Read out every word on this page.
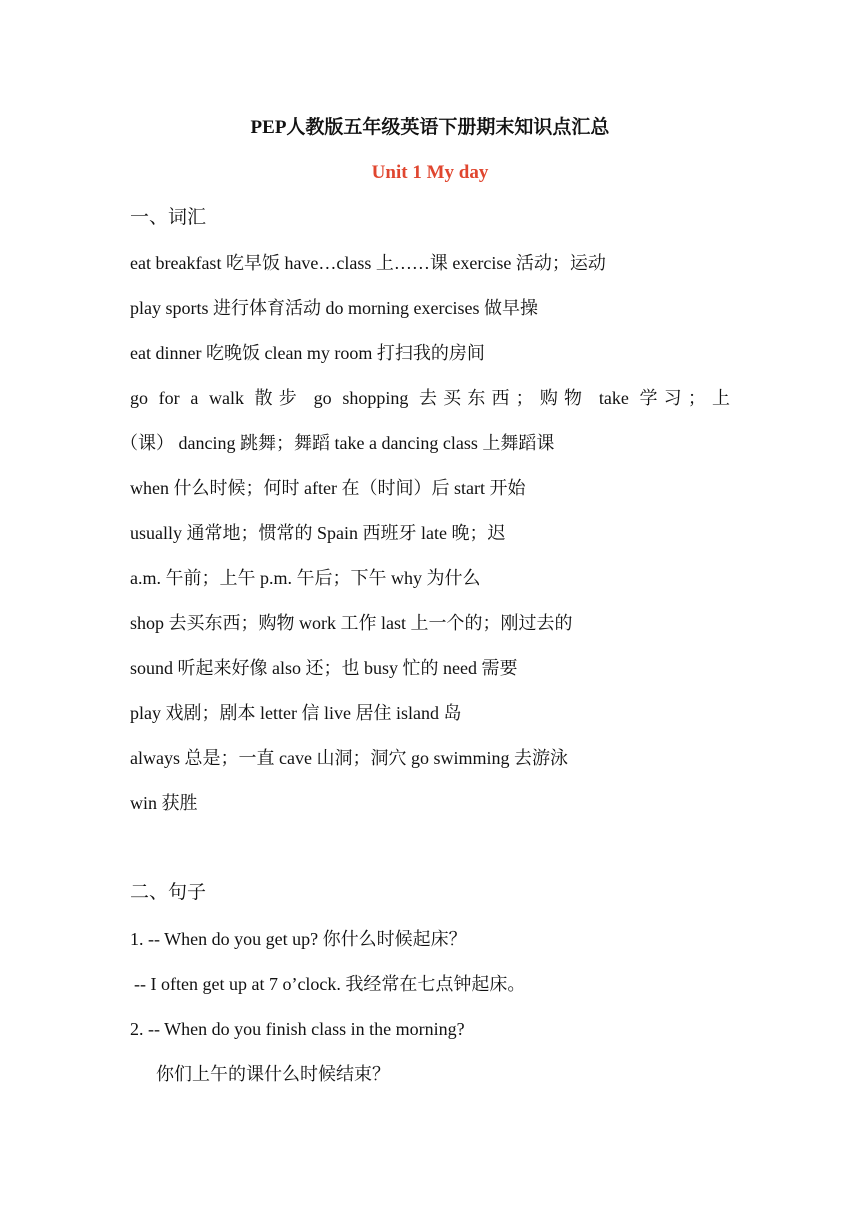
PEP人教版五年级英语下册期末知识点汇总
Unit 1 My day
一、词汇
eat breakfast 吃早饭 have…class 上……课 exercise 活动；运动
play sports 进行体育活动 do morning exercises 做早操
eat dinner 吃晚饭 clean my room 打扫我的房间
go for a walk 散步 go shopping 去买东西；购物 take 学习；上
（课） dancing 跳舞；舞蹈 take a dancing class 上舞蹈课
when 什么时候；何时 after 在（时间）后 start 开始
usually 通常地；惯常的 Spain 西班牙 late 晚；迟
a.m. 午前；上午 p.m. 午后；下午 why 为什么
shop 去买东西；购物 work 工作 last 上一个的；刚过去的
sound 听起来好像 also 还；也 busy 忙的 need 需要
play 戏剧；剧本 letter 信 live 居住 island 岛
always 总是；一直 cave 山洞；洞穴 go swimming 去游泳
win 获胜
二、句子
1. -- When do you get up? 你什么时候起床？
-- I often get up at 7 o’clock. 我经常在七点钟起床。
2. -- When do you finish class in the morning?
你们上午的课什么时候结束？
